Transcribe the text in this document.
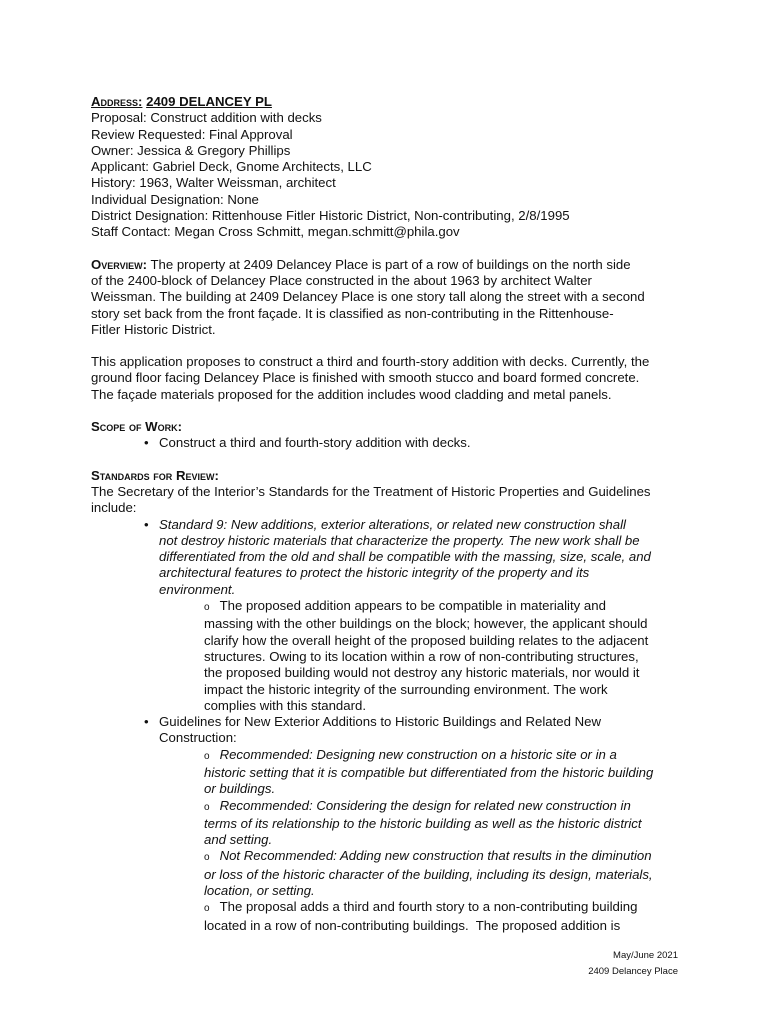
Address: 2409 DELANCEY PL

Proposal: Construct addition with decks

Review Requested: Final Approval

Owner: Jessica & Gregory Phillips

Applicant: Gabriel Deck, Gnome Architects, LLC

History: 1963, Walter Weissman, architect

Individual Designation: None

District Designation: Rittenhouse Fitler Historic District, Non-contributing, 2/8/1995

Staff Contact: Megan Cross Schmitt, megan.schmitt@phila.gov

Overview: The property at 2409 Delancey Place is part of a row of buildings on the north side

of the 2400-block of Delancey Place constructed in the about 1963 by architect Walter

Weissman. The building at 2409 Delancey Place is one story tall along the street with a second

story set back from the front façade. It is classified as non-contributing in the Rittenhouse-

Fitler Historic District.

This application proposes to construct a third and fourth-story addition with decks. Currently, the

ground floor facing Delancey Place is finished with smooth stucco and board formed concrete.

The façade materials proposed for the addition includes wood cladding and metal panels.

Scope of Work:

• Construct a third and fourth-story addition with decks.

Standards for Review:

The Secretary of the Interior’s Standards for the Treatment of Historic Properties and Guidelines

include:

• Standard 9: New additions, exterior alterations, or related new construction shall

not destroy historic materials that characterize the property. The new work shall be

differentiated from the old and shall be compatible with the massing, size, scale, and

architectural features to protect the historic integrity of the property and its

environment.

o The proposed addition appears to be compatible in materiality and

massing with the other buildings on the block; however, the applicant should

clarify how the overall height of the proposed building relates to the adjacent

structures. Owing to its location within a row of non-contributing structures,

the proposed building would not destroy any historic materials, nor would it

impact the historic integrity of the surrounding environment. The work

complies with this standard.

• Guidelines for New Exterior Additions to Historic Buildings and Related New

Construction:

o Recommended: Designing new construction on a historic site or in a

historic setting that it is compatible but differentiated from the historic building

or buildings.

o Recommended: Considering the design for related new construction in

terms of its relationship to the historic building as well as the historic district

and setting.

o Not Recommended: Adding new construction that results in the diminution

or loss of the historic character of the building, including its design, materials,

location, or setting.

o The proposal adds a third and fourth story to a non-contributing building

located in a row of non-contributing buildings.  The proposed addition is

May/June 2021
2409 Delancey Place
